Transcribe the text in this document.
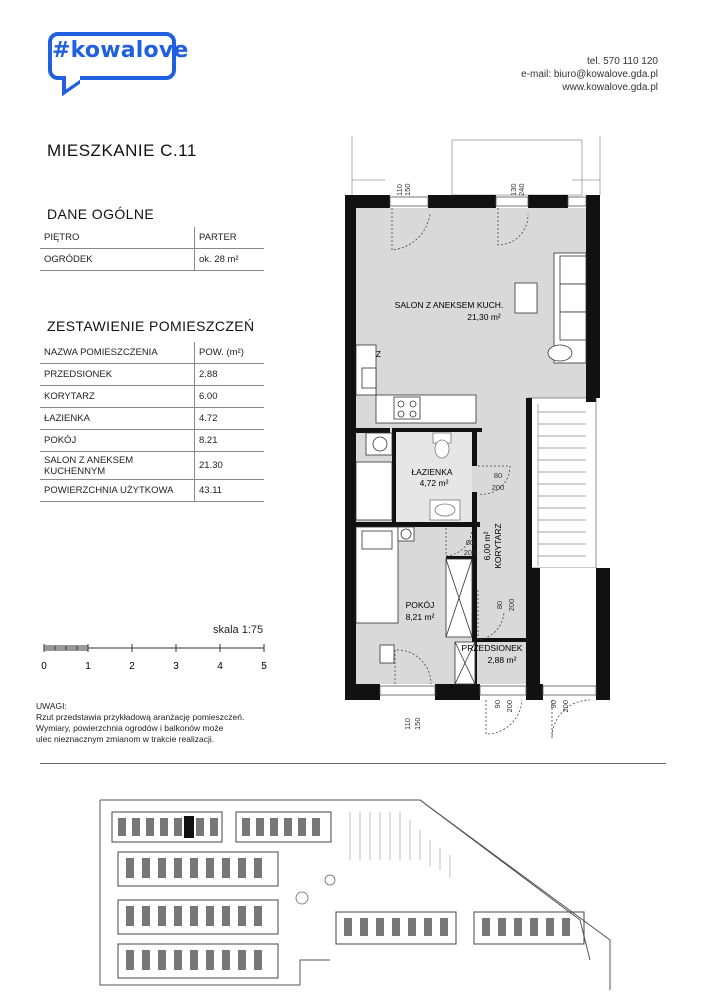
#kowalove	tel. 570 110 120
e-mail: biuro@kowalove.gda.pl
www.kowalove.gda.pl
MIESZKANIE C.11
DANE OGÓLNE
PIĘTRO	PARTER
OGRÓDEK	ok. 28 m²
ZESTAWIENIE POMIESZCZEŃ
NAZWA POMIESZCZENIA	POW. (m²)
PRZEDSIONEK	2.88
KORYTARZ	6.00
ŁAZIENKA	4.72
POKÓJ	8.21
SALON Z ANEKSEM KUCHENNYM	21.30
POWIERZCHNIA UŻYTKOWA	43.11
skala 1:75
0	1	2	3	4	5
UWAGI:
Rzut przedstawia przykładową aranżację pomieszczeń.
Wymiary, powierzchnia ogrodów i balkonów może
ulec nieznacznym zmianom w trakcie realizacji.
Z
SALON Z ANEKSEM KUCH.
21,30 m²
ŁAZIENKA
4,72 m²
KORYTARZ
6,00 m²
POKÓJ
8,21 m²
PRZEDSIONEK
2,88 m²
110 150	130 240
80
200
80
200
80 200
110 150
90 200	90 200
